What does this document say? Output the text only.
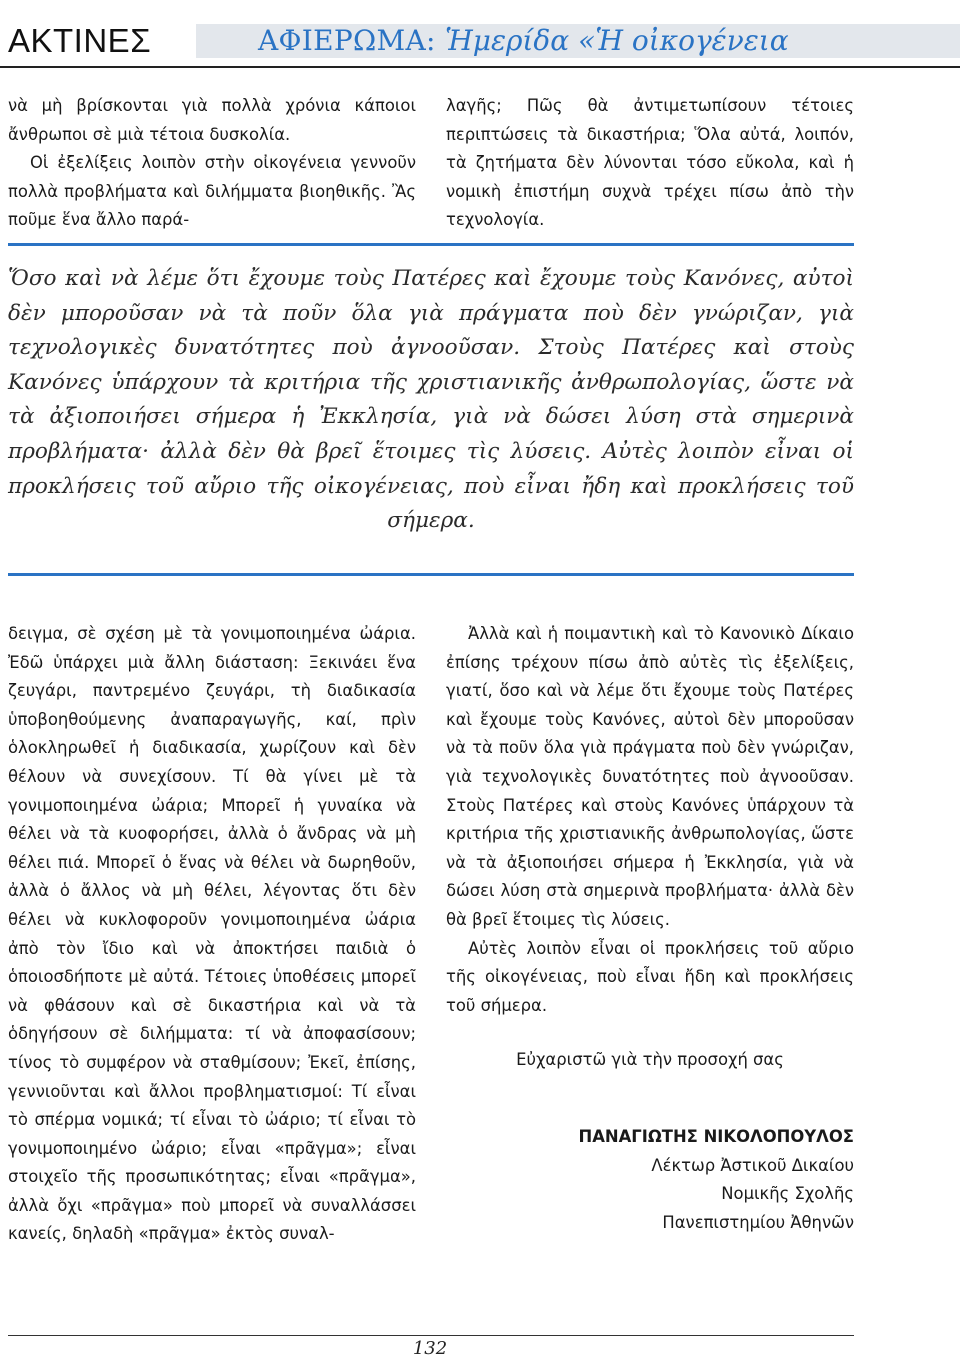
ΑΚΤΙΝΕΣ	ΑΦΙΕΡΩΜΑ: Ἡμερίδα «Ἡ οἰκογένεια

νὰ μὴ βρίσκονται γιὰ πολλὰ χρόνια κάποιοι ἄνθρωποι σὲ μιὰ τέτοια δυσκολία.

Οἱ ἐξελίξεις λοιπὸν στὴν οἰκογένεια γεννοῦν πολλὰ προβλήματα καὶ διλήμματα βιοηθικῆς. Ἂς ποῦμε ἕνα ἄλλο παρά-

λαγῆς; Πῶς θὰ ἀντιμετωπίσουν τέτοιες περιπτώσεις τὰ δικαστήρια; Ὅλα αὐτά, λοιπόν, τὰ ζητήματα δὲν λύνονται τόσο εὔκολα, καὶ ἡ νομικὴ ἐπιστήμη συχνὰ τρέχει πίσω ἀπὸ τὴν τεχνολογία.

Ὅσο καὶ νὰ λέμε ὅτι ἔχουμε τοὺς Πατέρες καὶ ἔχουμε τοὺς Κανόνες, αὐτοὶ δὲν μποροῦσαν νὰ τὰ ποῦν ὅλα γιὰ πράγματα ποὺ δὲν γνώριζαν, γιὰ τεχνολογικὲς δυνατότητες ποὺ ἀγνοοῦσαν. Στοὺς Πατέρες καὶ στοὺς Κανόνες ὑπάρχουν τὰ κριτήρια τῆς χριστιανικῆς ἀνθρωπολογίας, ὥστε νὰ τὰ ἀξιοποιήσει σήμερα ἡ Ἐκκλησία, γιὰ νὰ δώσει λύση στὰ σημερινὰ προβλήματα· ἀλλὰ δὲν θὰ βρεῖ ἕτοιμες τὶς λύσεις. Αὐτὲς λοιπὸν εἶναι οἱ προκλήσεις τοῦ αὔριο τῆς οἰκογένειας, ποὺ εἶναι ἤδη καὶ προκλήσεις τοῦ σήμερα.

δειγμα, σὲ σχέση μὲ τὰ γονιμοποιημένα ὠάρια. Ἐδῶ ὑπάρχει μιὰ ἄλλη διάσταση: Ξεκινάει ἕνα ζευγάρι, παντρεμένο ζευγάρι, τὴ διαδικασία ὑποβοηθούμενης ἀναπαραγωγῆς, καί, πρὶν ὁλοκληρωθεῖ ἡ διαδικασία, χωρίζουν καὶ δὲν θέλουν νὰ συνεχίσουν. Τί θὰ γίνει μὲ τὰ γονιμοποιημένα ὠάρια; Μπορεῖ ἡ γυναίκα νὰ θέλει νὰ τὰ κυοφορήσει, ἀλλὰ ὁ ἄνδρας νὰ μὴ θέλει πιά. Μπορεῖ ὁ ἕνας νὰ θέλει νὰ δωρηθοῦν, ἀλλὰ ὁ ἄλλος νὰ μὴ θέλει, λέγοντας ὅτι δὲν θέλει νὰ κυκλοφοροῦν γονιμοποιημένα ὠάρια ἀπὸ τὸν ἴδιο καὶ νὰ ἀποκτήσει παιδιὰ ὁ ὁποιοσδήποτε μὲ αὐτά. Τέτοιες ὑποθέσεις μπορεῖ νὰ φθάσουν καὶ σὲ δικαστήρια καὶ νὰ τὰ ὁδηγήσουν σὲ διλήμματα: τί νὰ ἀποφασίσουν; τίνος τὸ συμφέρον νὰ σταθμίσουν; Ἐκεῖ, ἐπίσης, γεννιοῦνται καὶ ἄλλοι προβληματισμοί: Τί εἶναι τὸ σπέρμα νομικά; τί εἶναι τὸ ὠάριο; τί εἶναι τὸ γονιμοποιημένο ὠάριο; εἶναι «πρᾶγμα»; εἶναι στοιχεῖο τῆς προσωπικότητας; εἶναι «πρᾶγμα», ἀλλὰ ὄχι «πρᾶγμα» ποὺ μπορεῖ νὰ συναλλάσσει κανείς, δηλαδὴ «πρᾶγμα» ἐκτὸς συναλ-

Ἀλλὰ καὶ ἡ ποιμαντικὴ καὶ τὸ Κανονικὸ Δίκαιο ἐπίσης τρέχουν πίσω ἀπὸ αὐτὲς τὶς ἐξελίξεις, γιατί, ὅσο καὶ νὰ λέμε ὅτι ἔχουμε τοὺς Πατέρες καὶ ἔχουμε τοὺς Κανόνες, αὐτοὶ δὲν μποροῦσαν νὰ τὰ ποῦν ὅλα γιὰ πράγματα ποὺ δὲν γνώριζαν, γιὰ τεχνολογικὲς δυνατότητες ποὺ ἀγνοοῦσαν. Στοὺς Πατέρες καὶ στοὺς Κανόνες ὑπάρχουν τὰ κριτήρια τῆς χριστιανικῆς ἀνθρωπολογίας, ὥστε νὰ τὰ ἀξιοποιήσει σήμερα ἡ Ἐκκλησία, γιὰ νὰ δώσει λύση στὰ σημερινὰ προβλήματα· ἀλλὰ δὲν θὰ βρεῖ ἕτοιμες τὶς λύσεις.

Αὐτὲς λοιπὸν εἶναι οἱ προκλήσεις τοῦ αὔριο τῆς οἰκογένειας, ποὺ εἶναι ἤδη καὶ προκλήσεις τοῦ σήμερα.

Εὐχαριστῶ γιὰ τὴν προσοχή σας

ΠΑΝΑΓΙΩΤΗΣ ΝΙΚΟΛΟΠΟΥΛΟΣ

Λέκτωρ Ἀστικοῦ Δικαίου

Νομικῆς Σχολῆς

Πανεπιστημίου Ἀθηνῶν

132
